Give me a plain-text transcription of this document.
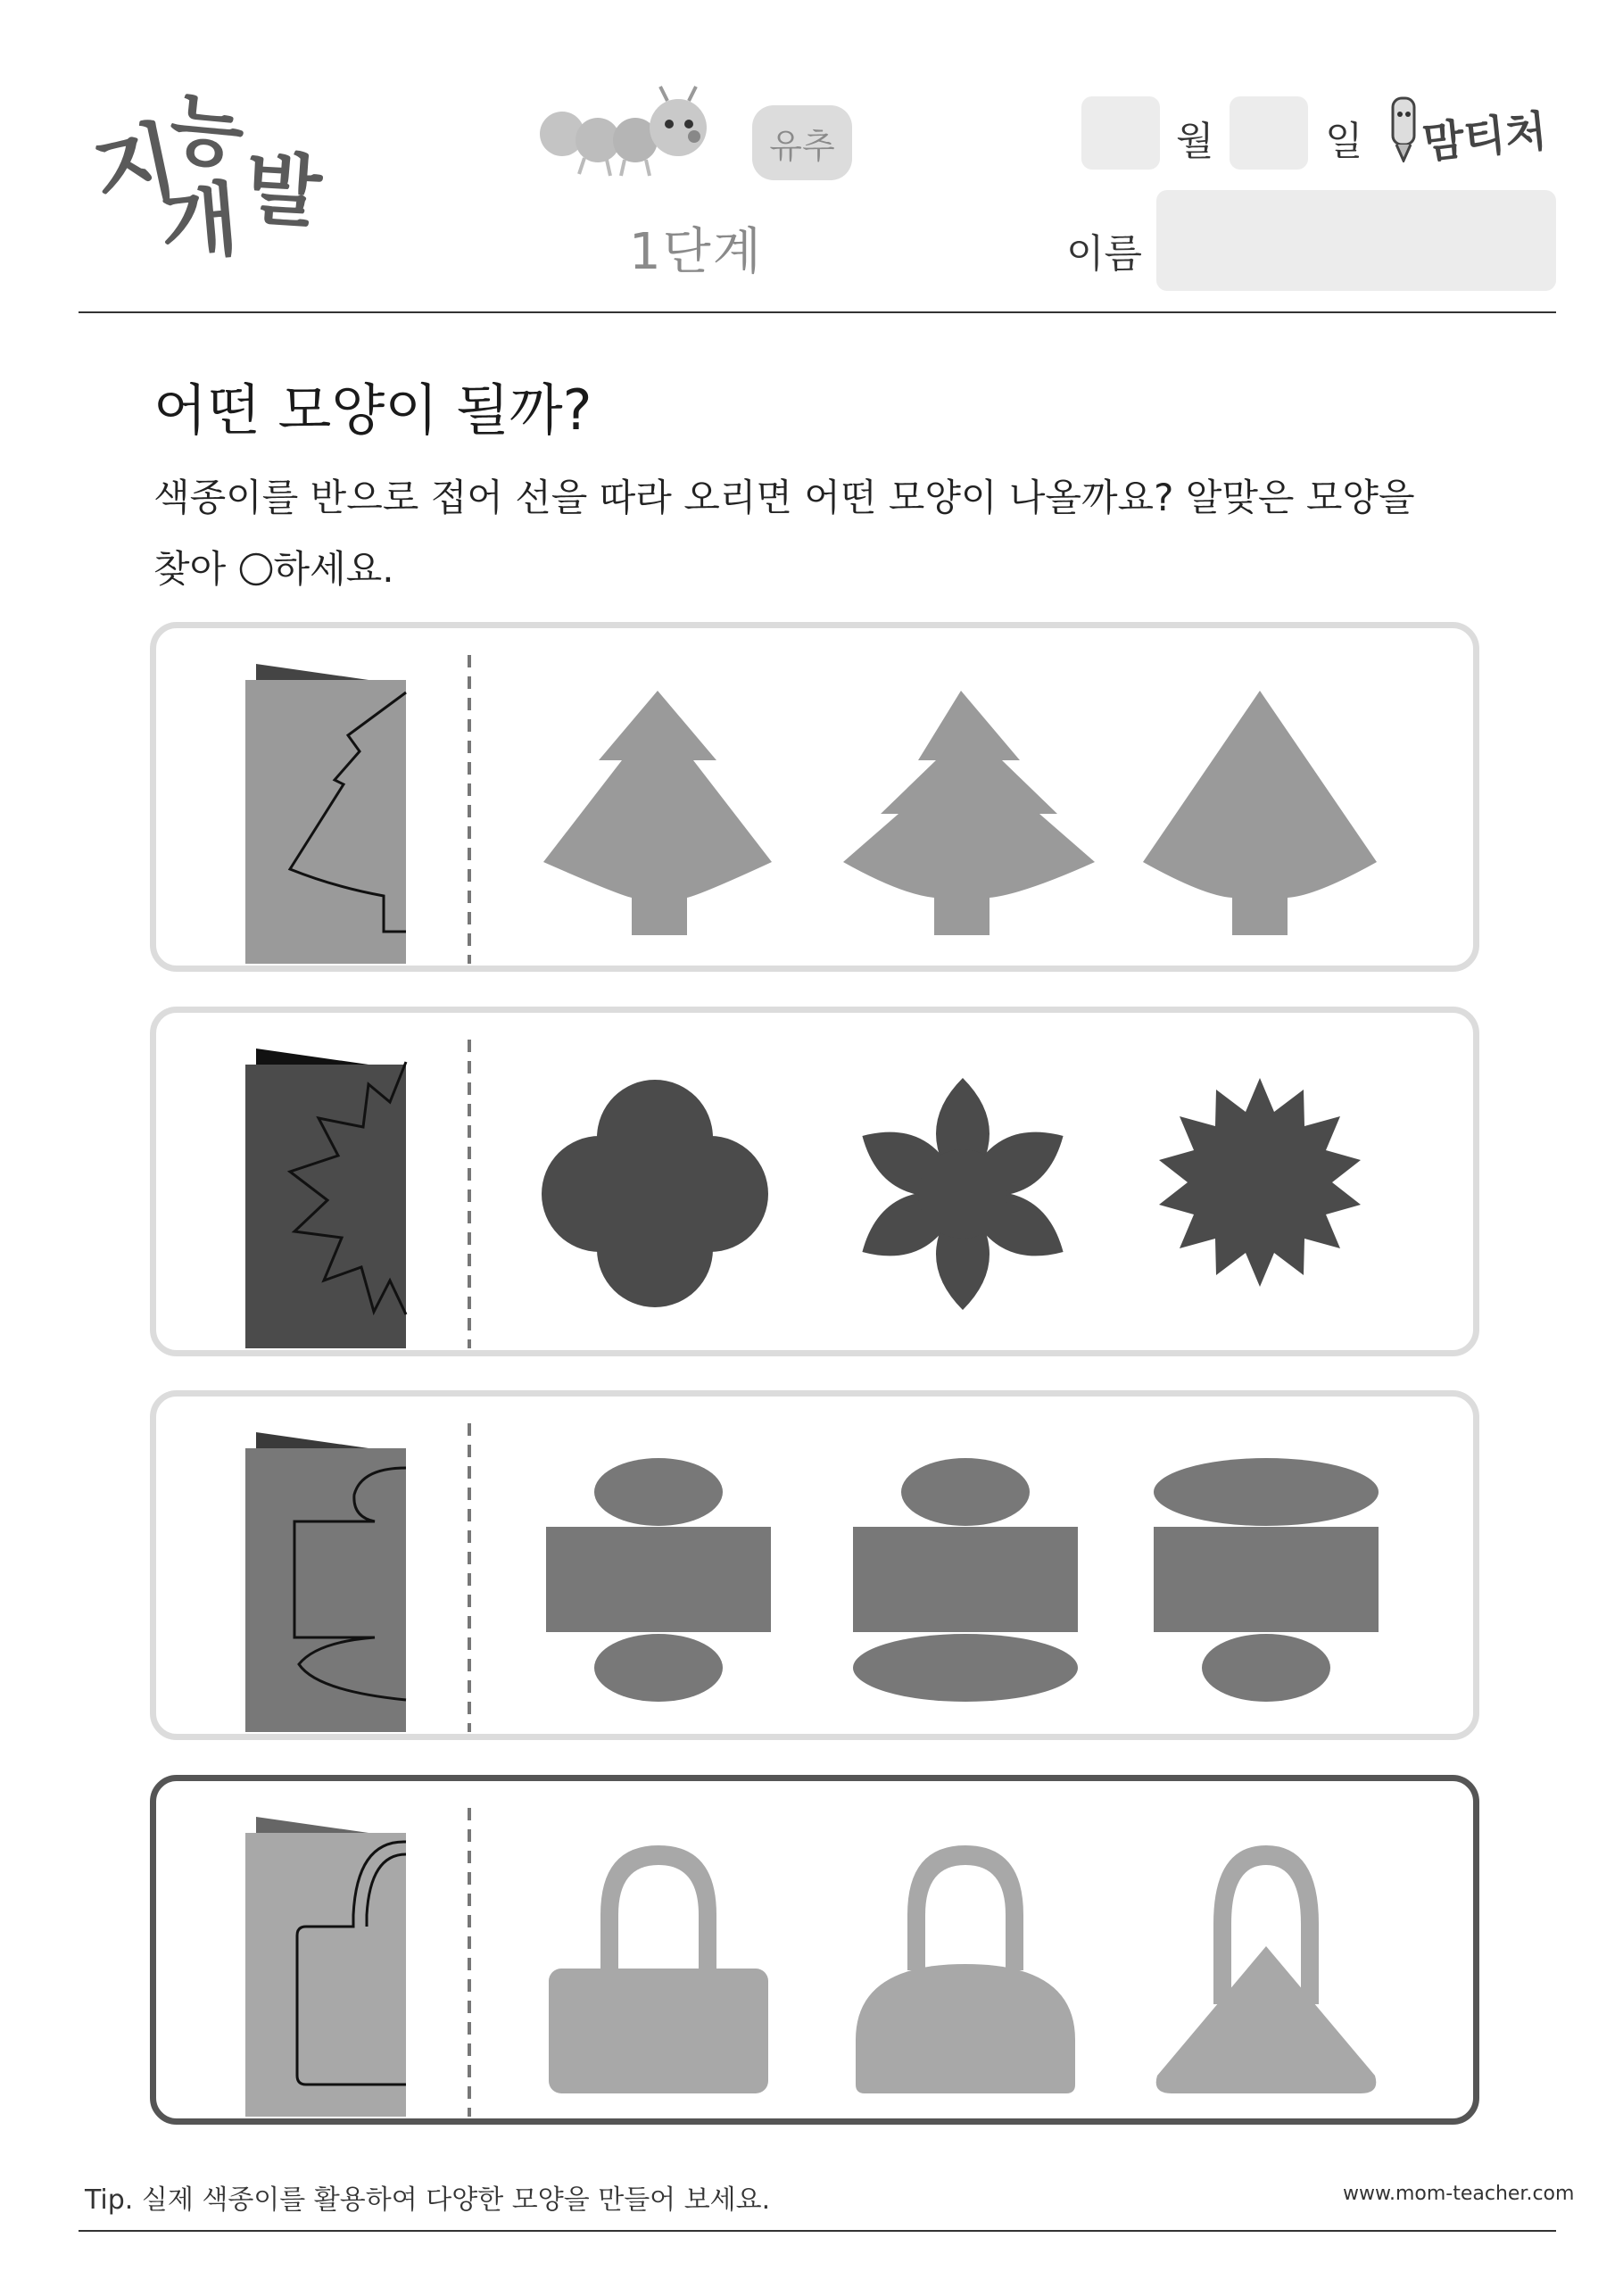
지
능
개 발	유추
1단계
월	일 맘티처
이름
어떤 모양이 될까?
색종이를 반으로 접어 선을 따라 오리면 어떤 모양이 나올까요? 알맞은 모양을
찾아 ○하세요.
Tip. 실제 색종이를 활용하여 다양한 모양을 만들어 보세요.	www.mom-teacher.com
